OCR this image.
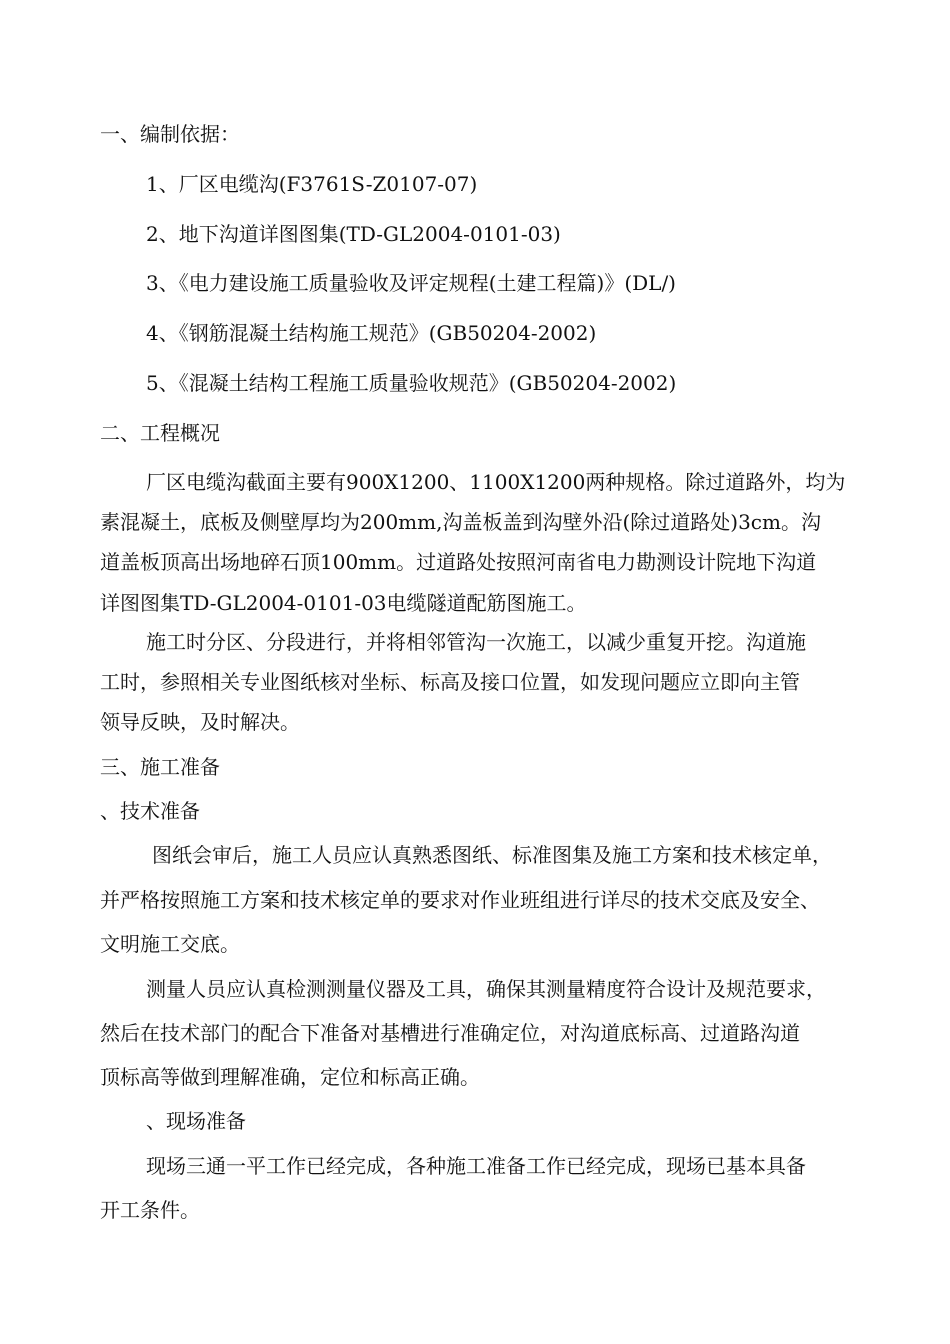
一、编制依据：
1、厂区电缆沟(F3761S-Z0107-07)
2、地下沟道详图图集(TD-GL2004-0101-03)
3、《电力建设施工质量验收及评定规程(土建工程篇)》(DL/)
4、《钢筋混凝土结构施工规范》(GB50204-2002)
5、《混凝土结构工程施工质量验收规范》(GB50204-2002)
二、工程概况
厂区电缆沟截面主要有900X1200、1100X1200两种规格。除过道路外，均为
素混凝土，底板及侧壁厚均为200mm,沟盖板盖到沟壁外沿(除过道路处)3cm。沟
道盖板顶高出场地碎石顶100mm。过道路处按照河南省电力勘测设计院地下沟道
详图图集TD-GL2004-0101-03电缆隧道配筋图施工。
施工时分区、分段进行，并将相邻管沟一次施工，以减少重复开挖。沟道施
工时，参照相关专业图纸核对坐标、标高及接口位置，如发现问题应立即向主管
领导反映，及时解决。
三、施工准备
、技术准备
图纸会审后，施工人员应认真熟悉图纸、标准图集及施工方案和技术核定单，
并严格按照施工方案和技术核定单的要求对作业班组进行详尽的技术交底及安全、
文明施工交底。
测量人员应认真检测测量仪器及工具，确保其测量精度符合设计及规范要求，
然后在技术部门的配合下准备对基槽进行准确定位，对沟道底标高、过道路沟道
顶标高等做到理解准确，定位和标高正确。
、现场准备
现场三通一平工作已经完成，各种施工准备工作已经完成，现场已基本具备
开工条件。
